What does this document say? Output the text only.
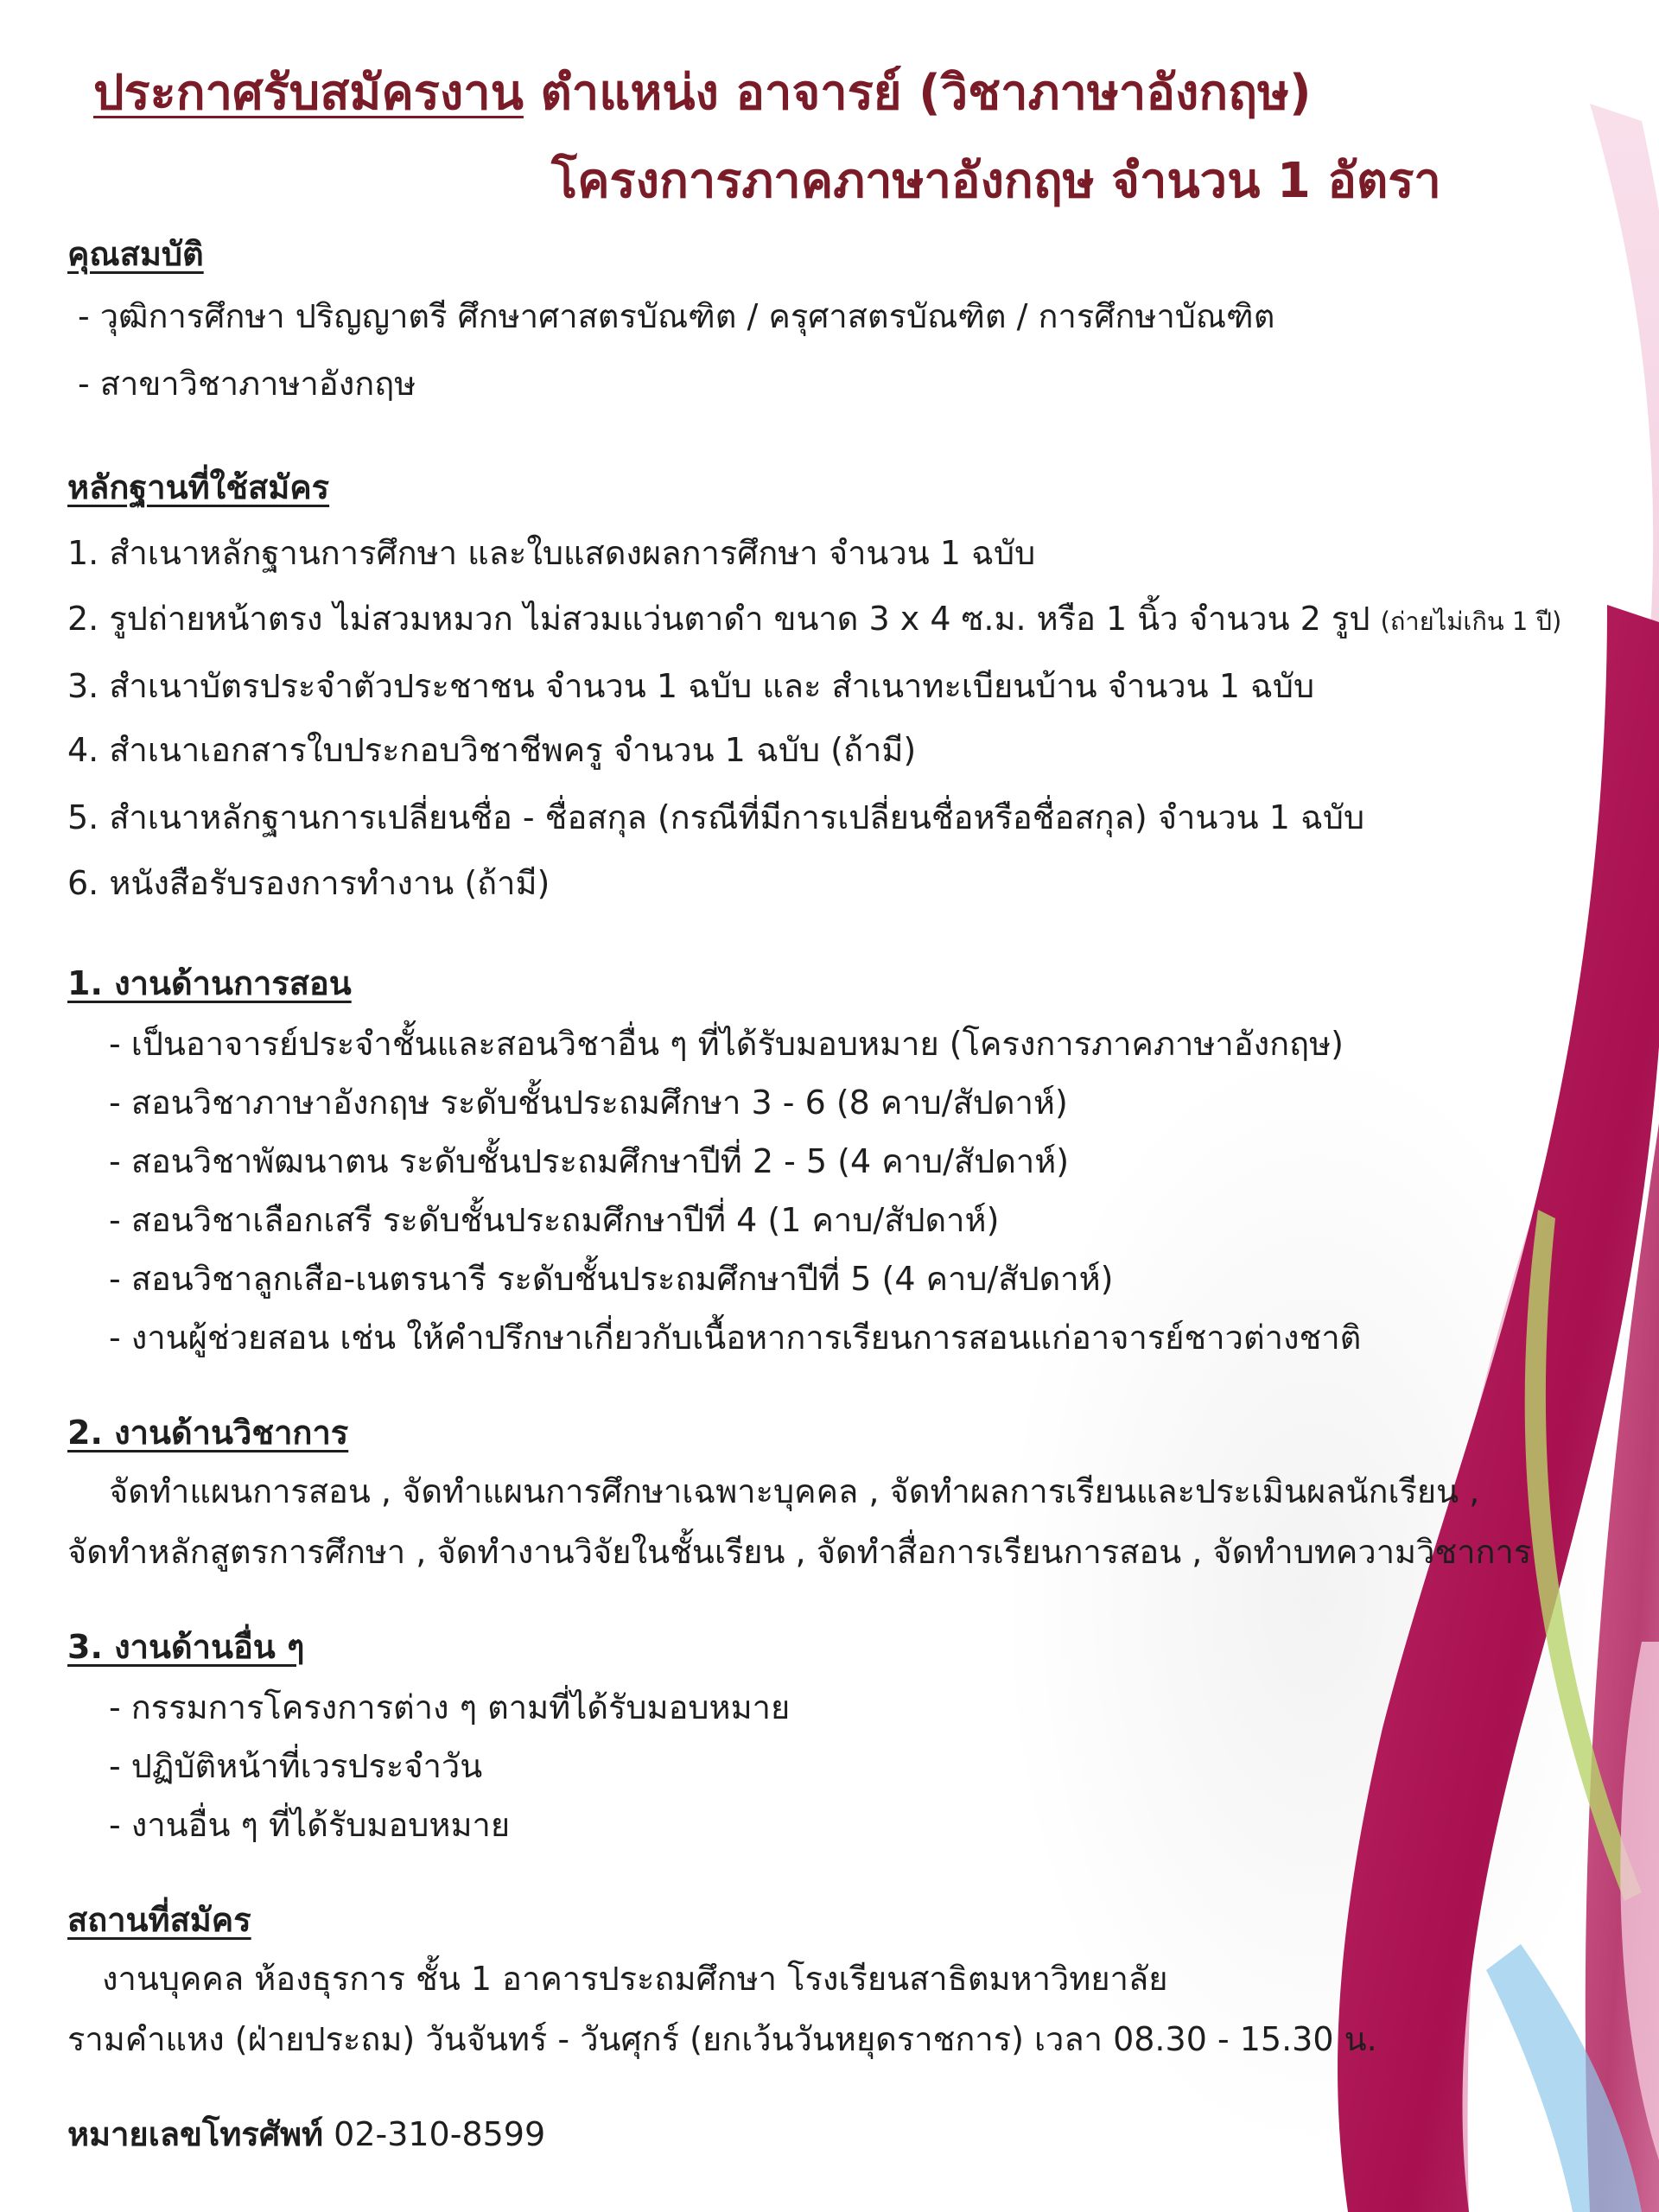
ประกาศรับสมัครงาน ตำแหน่ง อาจารย์ (วิชาภาษาอังกฤษ)
โครงการภาคภาษาอังกฤษ จำนวน 1 อัตรา
คุณสมบัติ
- วุฒิการศึกษา ปริญญาตรี ศึกษาศาสตรบัณฑิต / ครุศาสตรบัณฑิต / การศึกษาบัณฑิต
- สาขาวิชาภาษาอังกฤษ
หลักฐานที่ใช้สมัคร
1. สำเนาหลักฐานการศึกษา และใบแสดงผลการศึกษา จำนวน 1 ฉบับ
2. รูปถ่ายหน้าตรง ไม่สวมหมวก ไม่สวมแว่นตาดำ ขนาด 3 x 4 ซ.ม. หรือ 1 นิ้ว จำนวน 2 รูป (ถ่ายไม่เกิน 1 ปี)
3. สำเนาบัตรประจำตัวประชาชน จำนวน 1 ฉบับ และ สำเนาทะเบียนบ้าน จำนวน 1 ฉบับ
4. สำเนาเอกสารใบประกอบวิชาชีพครู จำนวน 1 ฉบับ (ถ้ามี)
5. สำเนาหลักฐานการเปลี่ยนชื่อ - ชื่อสกุล (กรณีที่มีการเปลี่ยนชื่อหรือชื่อสกุล) จำนวน 1 ฉบับ
6. หนังสือรับรองการทำงาน (ถ้ามี)
1. งานด้านการสอน
- เป็นอาจารย์ประจำชั้นและสอนวิชาอื่น ๆ ที่ได้รับมอบหมาย (โครงการภาคภาษาอังกฤษ)
- สอนวิชาภาษาอังกฤษ ระดับชั้นประถมศึกษา 3 - 6 (8 คาบ/สัปดาห์)
- สอนวิชาพัฒนาตน ระดับชั้นประถมศึกษาปีที่ 2 - 5 (4 คาบ/สัปดาห์)
- สอนวิชาเลือกเสรี ระดับชั้นประถมศึกษาปีที่ 4 (1 คาบ/สัปดาห์)
- สอนวิชาลูกเสือ-เนตรนารี ระดับชั้นประถมศึกษาปีที่ 5 (4 คาบ/สัปดาห์)
- งานผู้ช่วยสอน เช่น ให้คำปรึกษาเกี่ยวกับเนื้อหาการเรียนการสอนแก่อาจารย์ชาวต่างชาติ
2. งานด้านวิชาการ
จัดทำแผนการสอน , จัดทำแผนการศึกษาเฉพาะบุคคล , จัดทำผลการเรียนและประเมินผลนักเรียน ,
จัดทำหลักสูตรการศึกษา , จัดทำงานวิจัยในชั้นเรียน , จัดทำสื่อการเรียนการสอน , จัดทำบทความวิชาการ
3. งานด้านอื่น ๆ
- กรรมการโครงการต่าง ๆ ตามที่ได้รับมอบหมาย
- ปฏิบัติหน้าที่เวรประจำวัน
- งานอื่น ๆ ที่ได้รับมอบหมาย
สถานที่สมัคร
งานบุคคล ห้องธุรการ ชั้น 1 อาคารประถมศึกษา โรงเรียนสาธิตมหาวิทยาลัย
รามคำแหง (ฝ่ายประถม) วันจันทร์ - วันศุกร์ (ยกเว้นวันหยุดราชการ) เวลา 08.30 - 15.30 น.
หมายเลขโทรศัพท์ 02-310-8599
